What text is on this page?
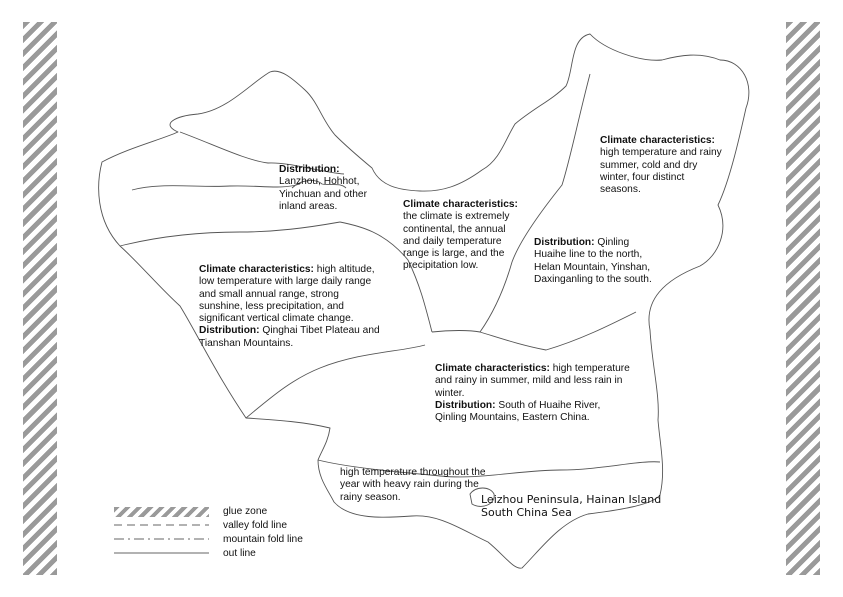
Distribution:
Lanzhou, Hohhot, Yinchuan and other inland areas.	Climate characteristics: the climate is extremely continental, the annual and daily temperature range is large, and the precipitation low.
Climate characteristics: high temperature and rainy summer, cold and dry winter, four distinct seasons.
Distribution: Qinling Huaihe line to the north, Helan Mountain, Yinshan, Daxinganling to the south.
Climate characteristics: high altitude, low temperature with large daily range and small annual range, strong sunshine, less precipitation, and significant vertical climate change.
Distribution: Qinghai Tibet Plateau and Tianshan Mountains.
Climate characteristics: high temperature and rainy in summer, mild and less rain in winter.
Distribution: South of Huaihe River, Qinling Mountains, Eastern China.
high temperature throughout the year with heavy rain during the rainy season.	Leizhou Peninsula, Hainan Island
South China Sea
glue zone
valley fold line
mountain fold line
out line
